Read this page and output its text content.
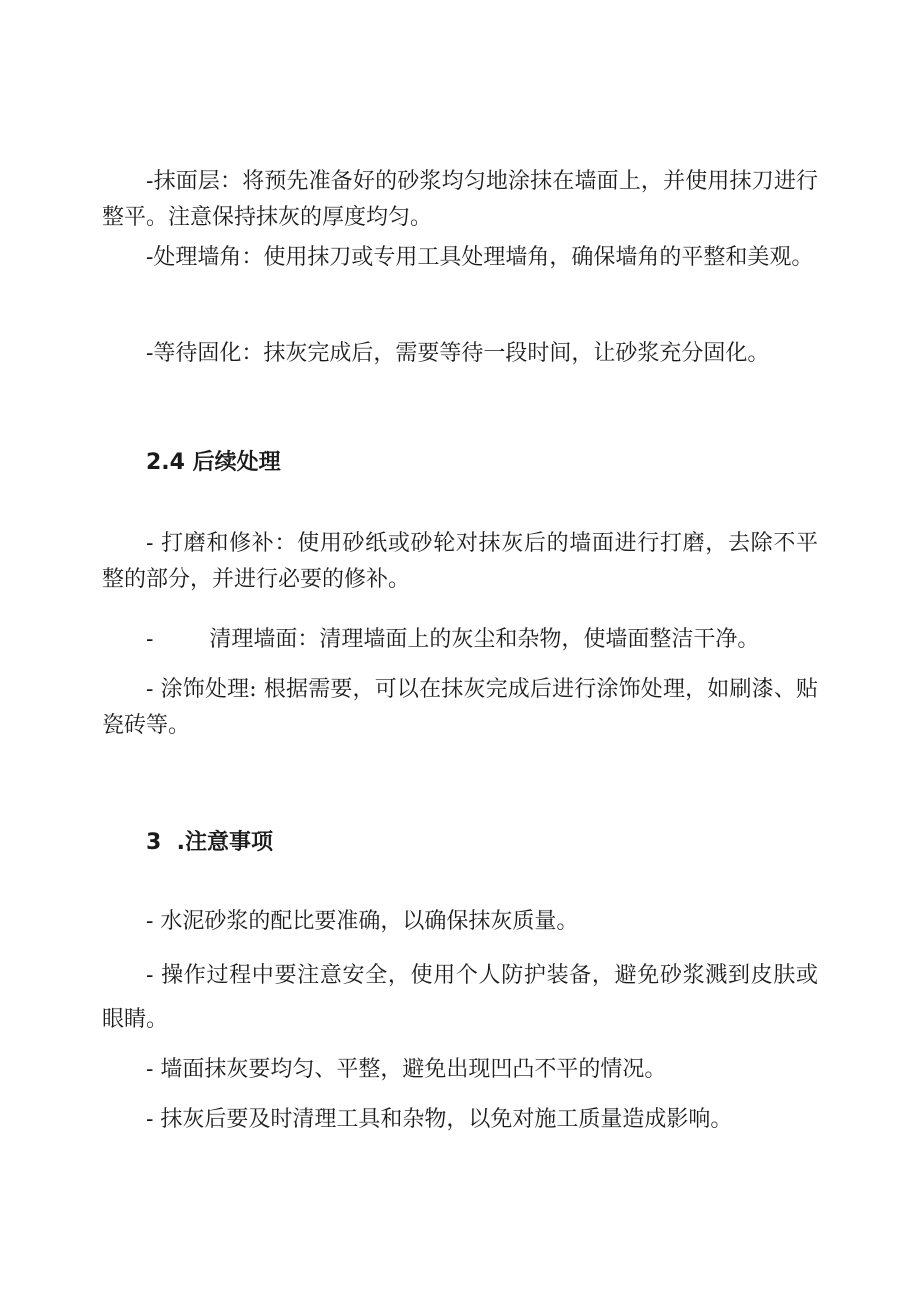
-抹面层：将预先准备好的砂浆均匀地涂抹在墙面上，并使用抹刀进行整平。注意保持抹灰的厚度均匀。

-处理墙角：使用抹刀或专用工具处理墙角，确保墙角的平整和美观。

-等待固化：抹灰完成后，需要等待一段时间，让砂浆充分固化。

2.4 后续处理

- 打磨和修补：使用砂纸或砂轮对抹灰后的墙面进行打磨，去除不平整的部分，并进行必要的修补。

-        清理墙面：清理墙面上的灰尘和杂物，使墙面整洁干净。

- 涂饰处理: 根据需要，可以在抹灰完成后进行涂饰处理，如刷漆、贴瓷砖等。

3  .注意事项

- 水泥砂浆的配比要准确，以确保抹灰质量。

- 操作过程中要注意安全，使用个人防护装备，避免砂浆溅到皮肤或眼睛。

- 墙面抹灰要均匀、平整，避免出现凹凸不平的情况。

- 抹灰后要及时清理工具和杂物，以免对施工质量造成影响。
